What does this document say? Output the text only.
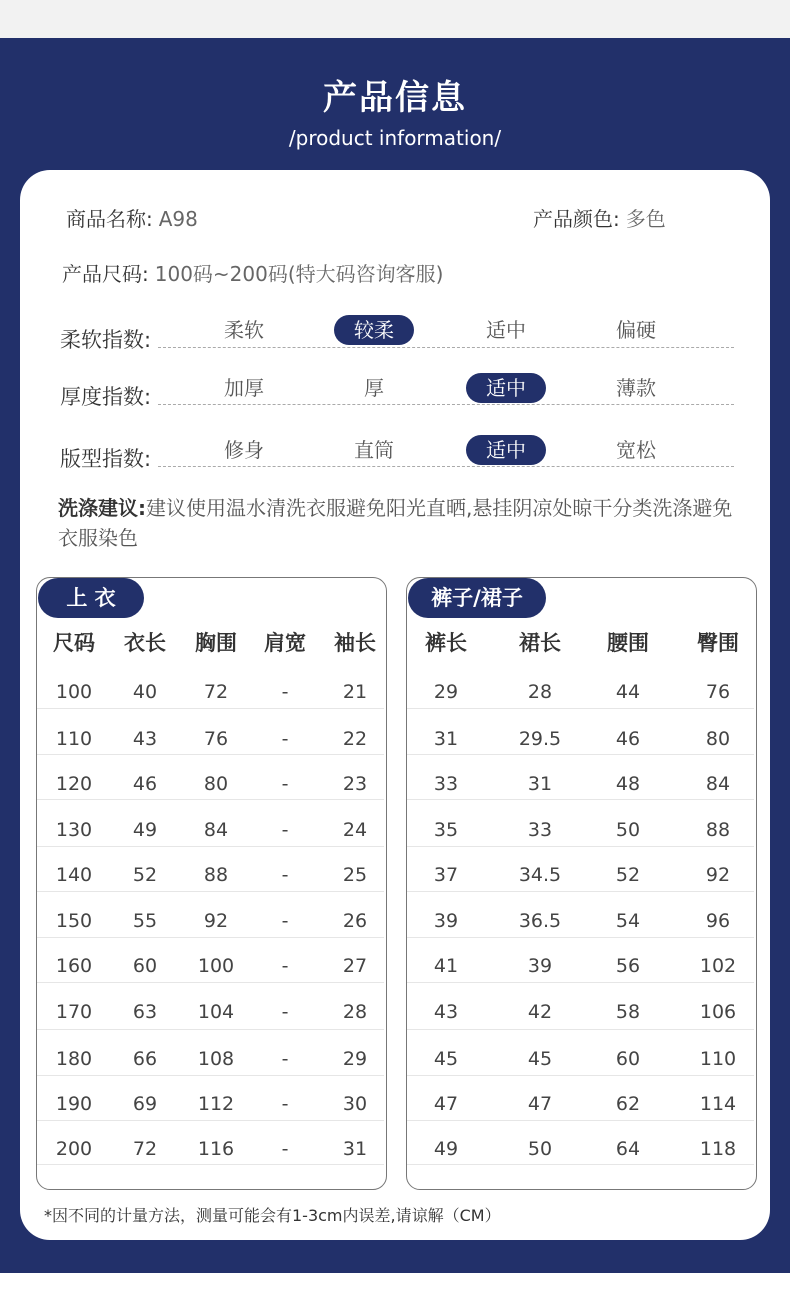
产品信息
/product information/
商品名称: A98	产品颜色: 多色
产品尺码: 100码~200码(特大码咨询客服)
柔软指数:	柔软	较柔	适中	偏硬
厚度指数:	加厚	厚	适中	薄款
版型指数:	修身	直筒	适中	宽松
洗涤建议:建议使用温水清洗衣服避免阳光直晒,悬挂阴凉处晾干分类洗涤避免衣服染色
上 衣
尺码	衣长	胸围	肩宽	袖长
100	40	72	-	21
110	43	76	-	22
120	46	80	-	23
130	49	84	-	24
140	52	88	-	25
150	55	92	-	26
160	60	100	-	27
170	63	104	-	28
180	66	108	-	29
190	69	112	-	30
200	72	116	-	31
裤子/裙子
裤长	裙长	腰围	臀围
29	28	44	76
31	29.5	46	80
33	31	48	84
35	33	50	88
37	34.5	52	92
39	36.5	54	96
41	39	56	102
43	42	58	106
45	45	60	110
47	47	62	114
49	50	64	118
*因不同的计量方法，测量可能会有1-3cm内误差,请谅解（CM）
